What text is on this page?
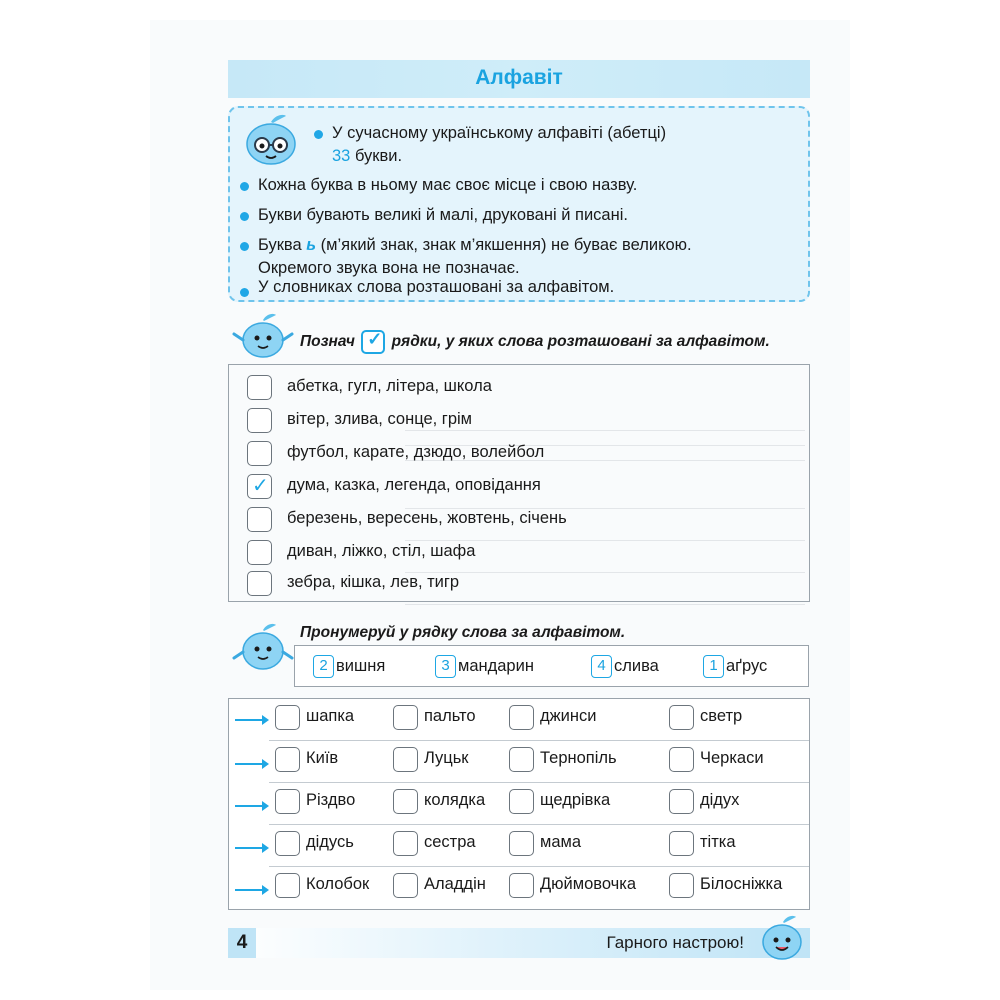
Алфавіт
У сучасному українському алфавіті (абетці)
33 букви.
Кожна буква в ньому має своє місце і свою назву.
Букви бувають великі й малі, друковані й писані.
Буква ь (м’який знак, знак м’якшення) не буває великою.
Окремого звука вона не позначає.
У словниках слова розташовані за алфавітом.
Познач ✓ рядки, у яких слова розташовані за алфавітом.
абетка, гугл, літера, школа
вітер, злива, сонце, грім
футбол, карате, дзюдо, волейбол
✓
дума, казка, легенда, оповідання
березень, вересень, жовтень, січень
диван, ліжко, стіл, шафа
зебра, кішка, лев, тигр
Пронумеруй у рядку слова за алфавітом.
2 вишня	3 мандарин	4 слива	1 аґрус
шапка	пальто	джинси	светр
Київ	Луцьк	Тернопіль	Черкаси
Різдво	колядка	щедрівка	дідух
дідусь	сестра	мама	тітка
Колобок	Аладдін	Дюймовочка	Білосніжка
4	Гарного настрою!
